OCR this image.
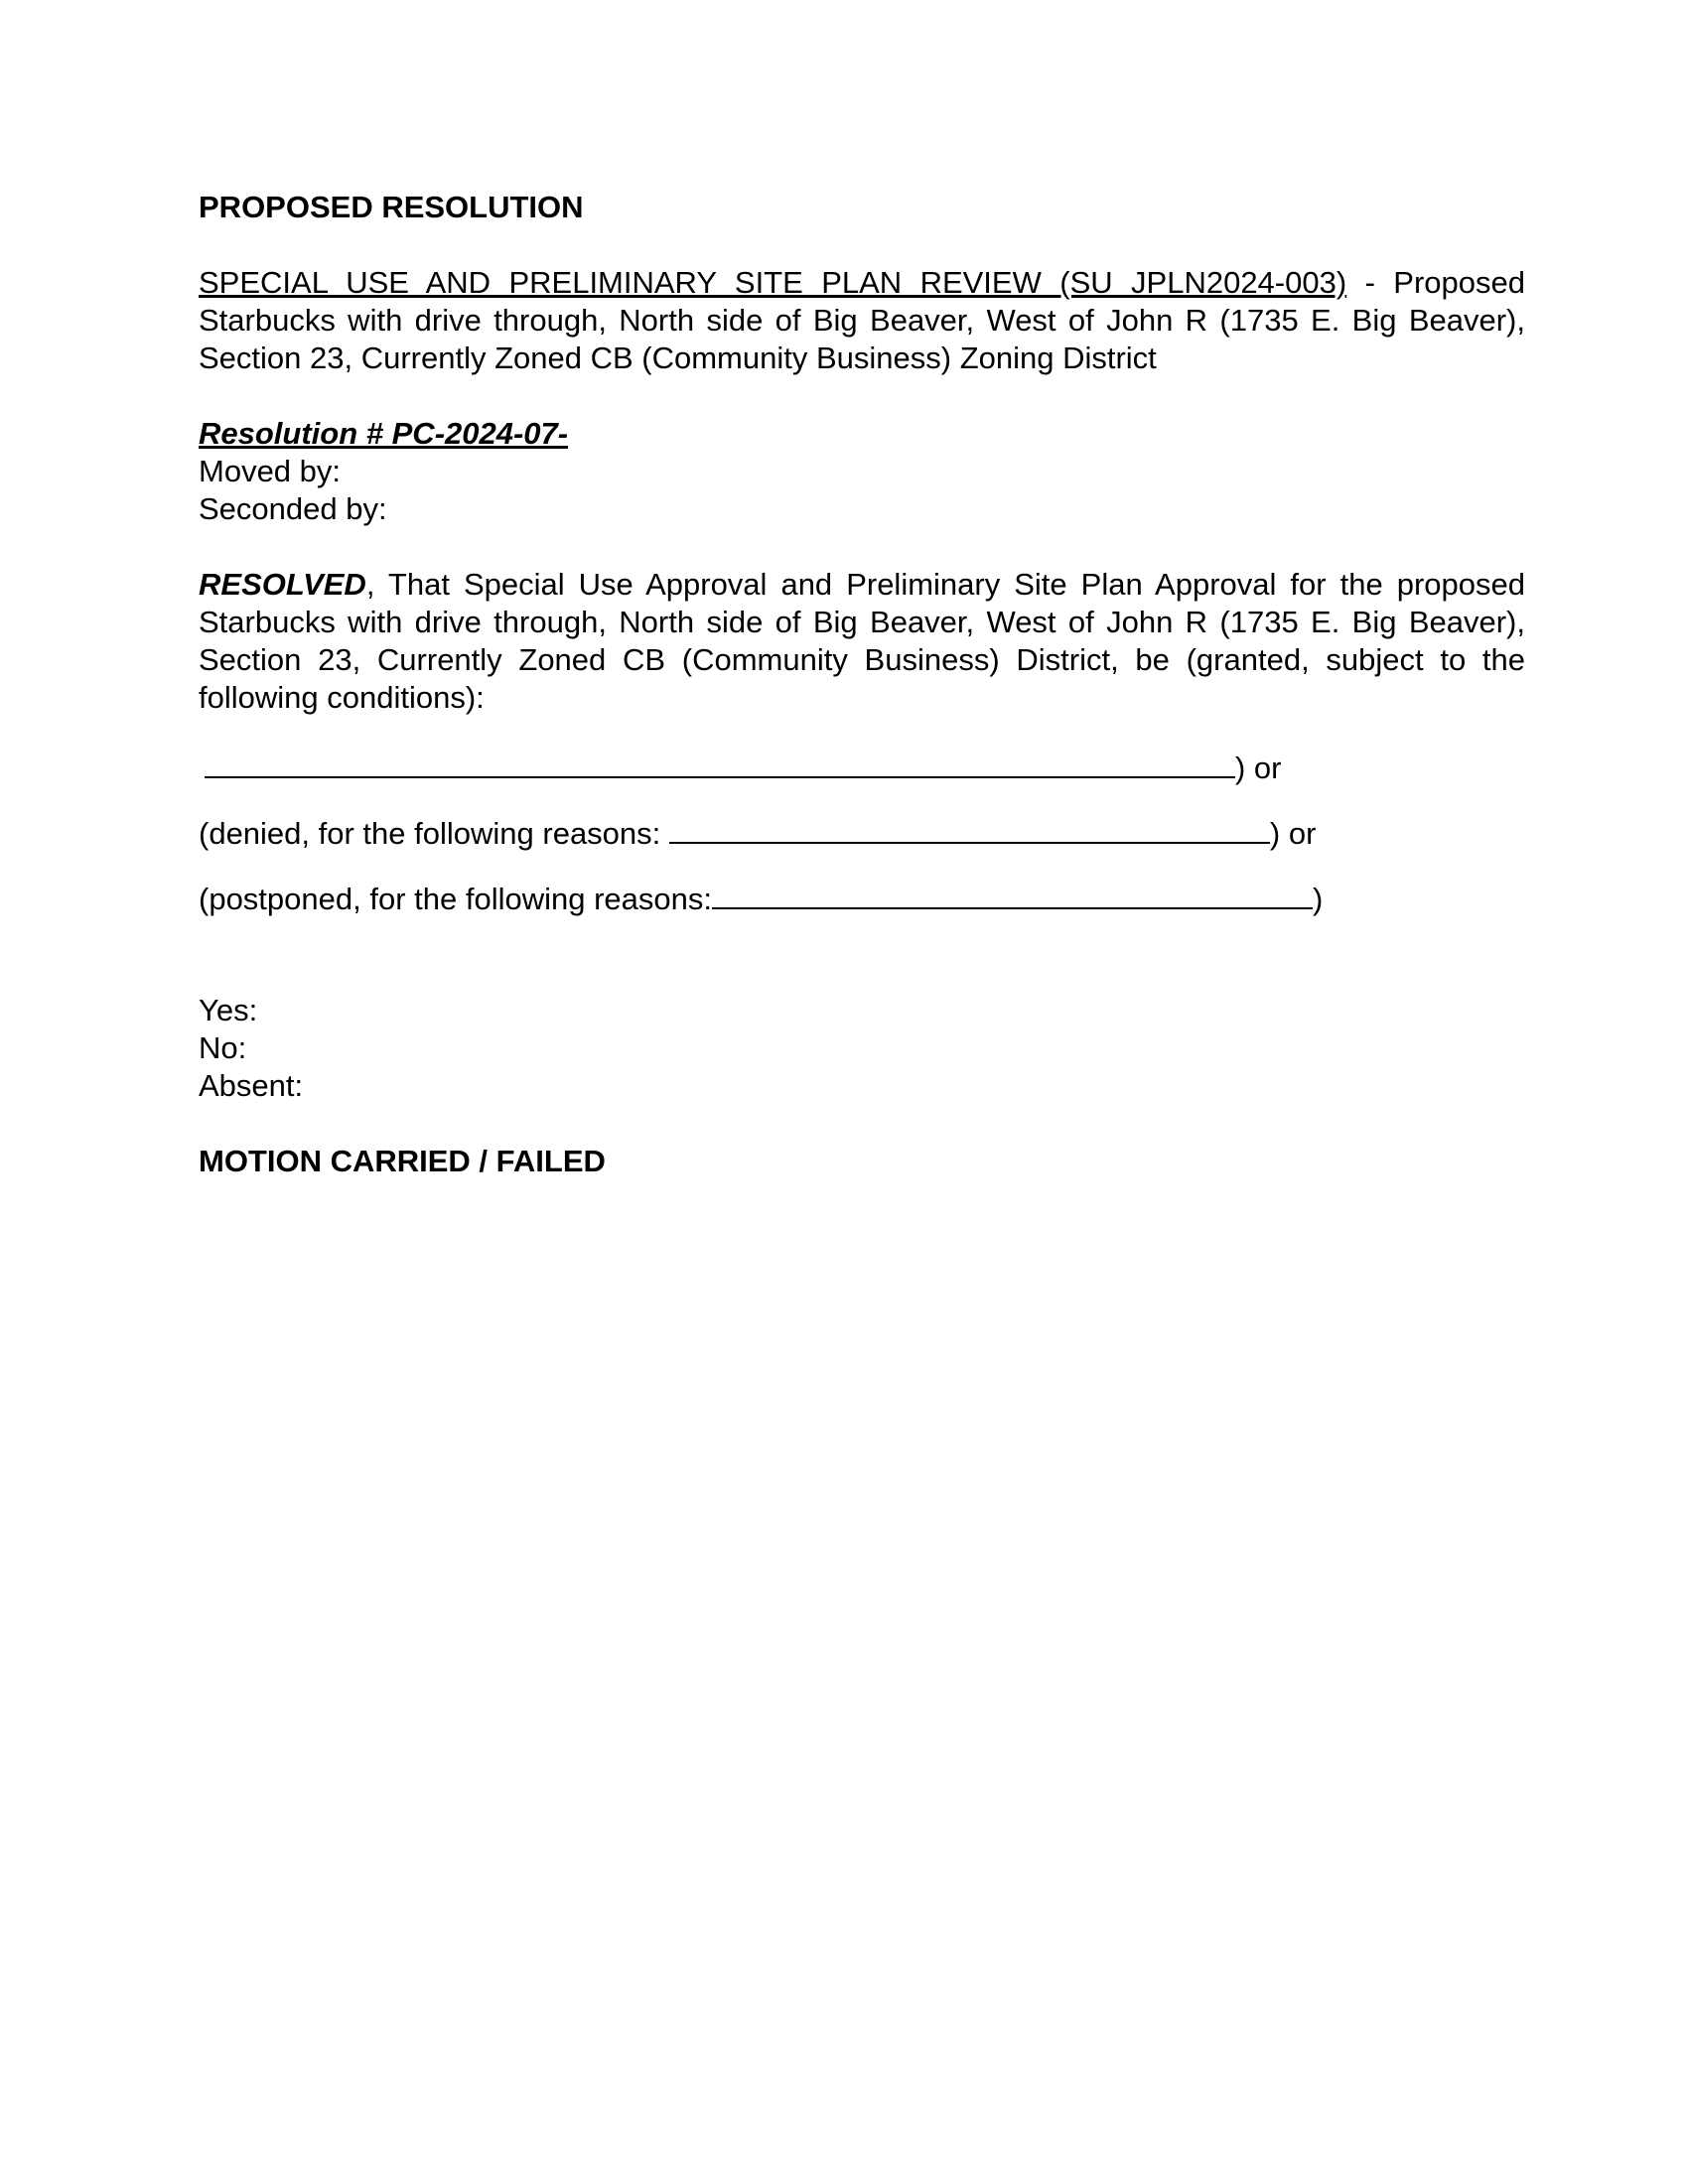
PROPOSED RESOLUTION

SPECIAL USE AND PRELIMINARY SITE PLAN REVIEW (SU JPLN2024-003) - Proposed Starbucks with drive through, North side of Big Beaver, West of John R (1735 E. Big Beaver), Section 23, Currently Zoned CB (Community Business) Zoning District

Resolution # PC-2024-07-

Moved by:

Seconded by:

RESOLVED, That Special Use Approval and Preliminary Site Plan Approval for the proposed Starbucks with drive through, North side of Big Beaver, West of John R (1735 E. Big Beaver), Section 23, Currently Zoned CB (Community Business) District, be (granted, subject to the following conditions):

) or

(denied, for the following reasons:	) or

(postponed, for the following reasons:	)

Yes:

No:

Absent:

MOTION CARRIED / FAILED
